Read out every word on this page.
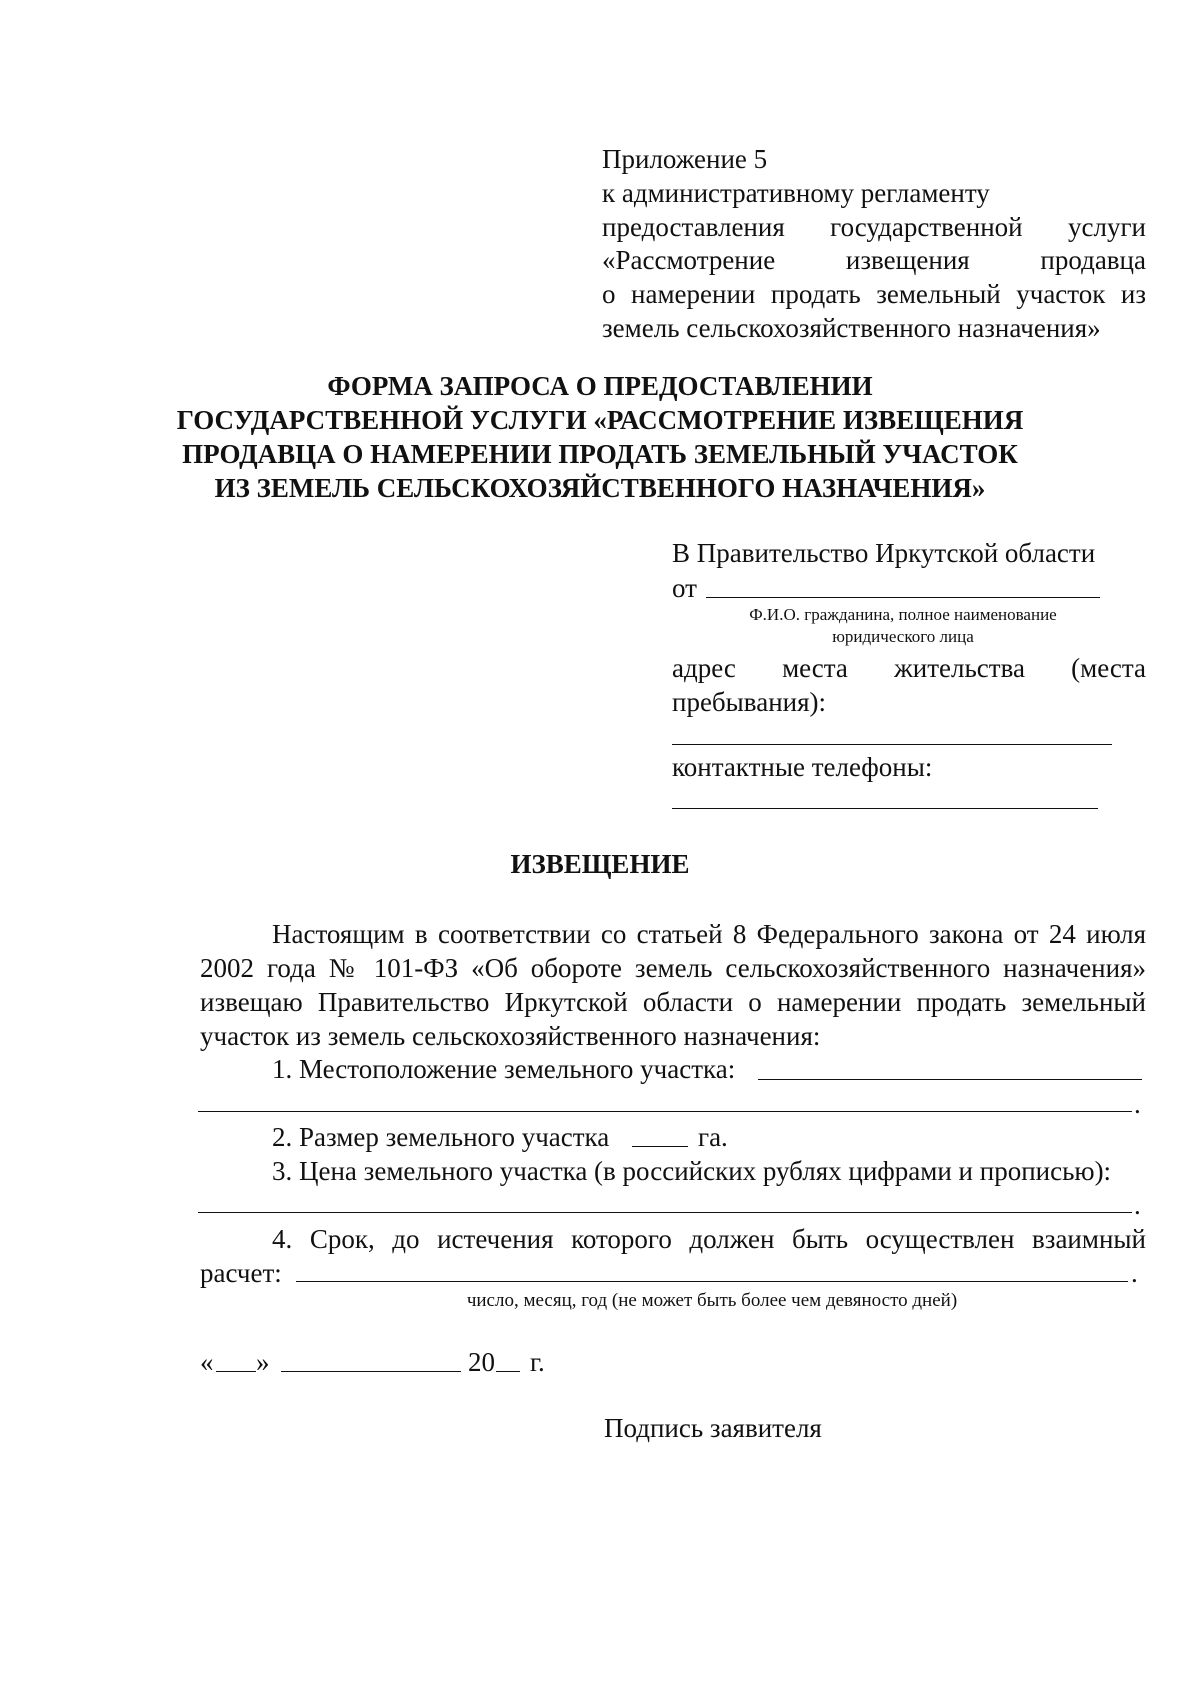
Приложение 5
к административному регламенту
предоставления государственной услуги
«Рассмотрение извещения продавца
о намерении продать земельный участок из
земель сельскохозяйственного назначения»
ФОРМА ЗАПРОСА О ПРЕДОСТАВЛЕНИИ
ГОСУДАРСТВЕННОЙ УСЛУГИ «РАССМОТРЕНИЕ ИЗВЕЩЕНИЯ
ПРОДАВЦА О НАМЕРЕНИИ ПРОДАТЬ ЗЕМЕЛЬНЫЙ УЧАСТОК
ИЗ ЗЕМЕЛЬ СЕЛЬСКОХОЗЯЙСТВЕННОГО НАЗНАЧЕНИЯ»
В Правительство Иркутской области
от
Ф.И.О. гражданина, полное наименование
юридического лица
адрес места жительства (места
пребывания):
контактные телефоны:
ИЗВЕЩЕНИЕ
Настоящим в соответствии со статьей 8 Федерального закона от 24 июля
2002 года № 101-ФЗ «Об обороте земель сельскохозяйственного назначения»
извещаю Правительство Иркутской области о намерении продать земельный
участок из земель сельскохозяйственного назначения:
1. Местоположение земельного участка:
.
2. Размер земельного участка	га.
3. Цена земельного участка (в российских рублях цифрами и прописью):
.
4. Срок, до истечения которого должен быть осуществлен взаимный
расчет:	.
число, месяц, год (не может быть более чем девяносто дней)
« »	20 г.
Подпись заявителя
